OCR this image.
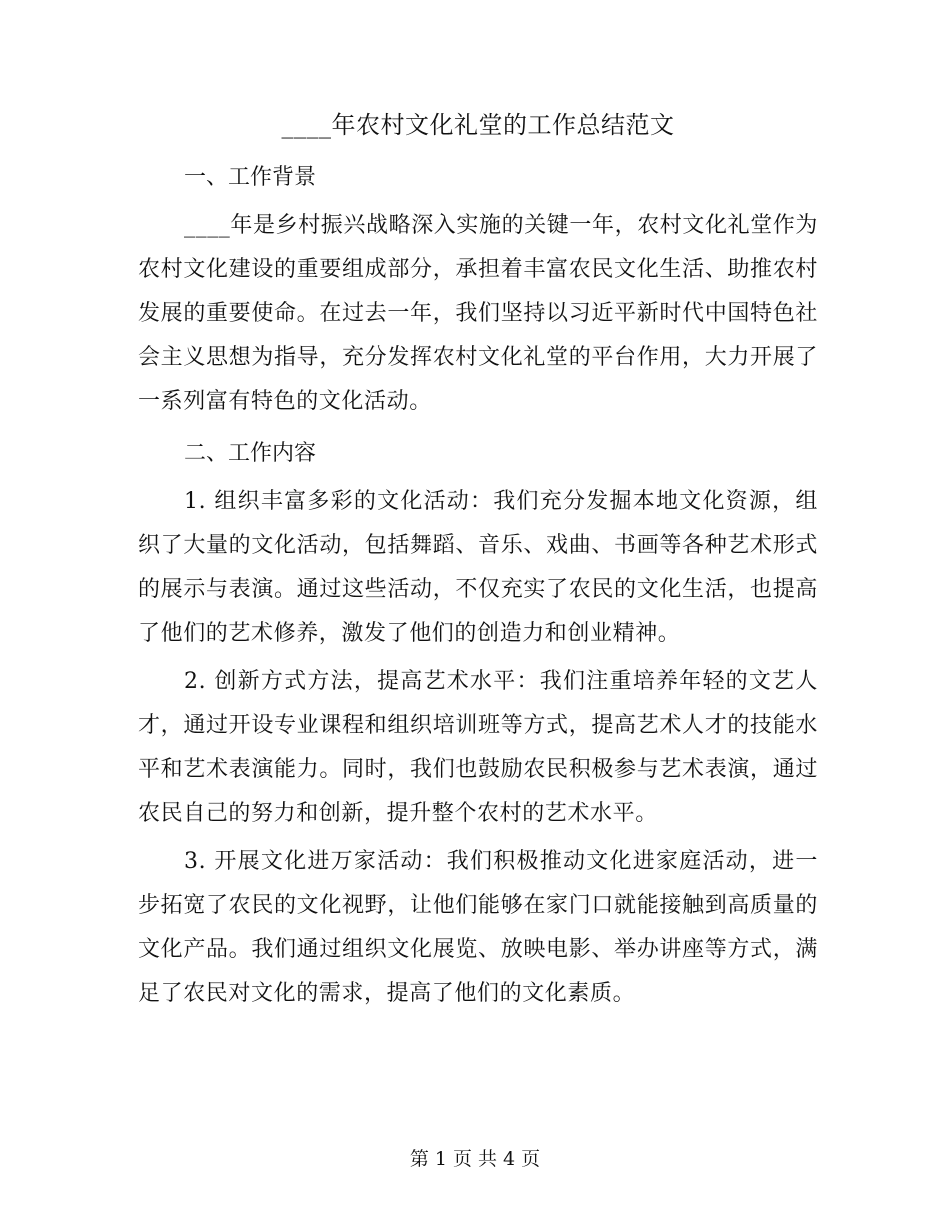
____年农村文化礼堂的工作总结范文
一、工作背景

____年是乡村振兴战略深入实施的关键一年，农村文化礼堂作为农村文化建设的重要组成部分，承担着丰富农民文化生活、助推农村发展的重要使命。在过去一年，我们坚持以习近平新时代中国特色社会主义思想为指导，充分发挥农村文化礼堂的平台作用，大力开展了一系列富有特色的文化活动。

二、工作内容

1. 组织丰富多彩的文化活动：我们充分发掘本地文化资源，组织了大量的文化活动，包括舞蹈、音乐、戏曲、书画等各种艺术形式的展示与表演。通过这些活动，不仅充实了农民的文化生活，也提高了他们的艺术修养，激发了他们的创造力和创业精神。

2. 创新方式方法，提高艺术水平：我们注重培养年轻的文艺人才，通过开设专业课程和组织培训班等方式，提高艺术人才的技能水平和艺术表演能力。同时，我们也鼓励农民积极参与艺术表演，通过农民自己的努力和创新，提升整个农村的艺术水平。

3. 开展文化进万家活动：我们积极推动文化进家庭活动，进一步拓宽了农民的文化视野，让他们能够在家门口就能接触到高质量的文化产品。我们通过组织文化展览、放映电影、举办讲座等方式，满足了农民对文化的需求，提高了他们的文化素质。

第 1 页 共 4 页
